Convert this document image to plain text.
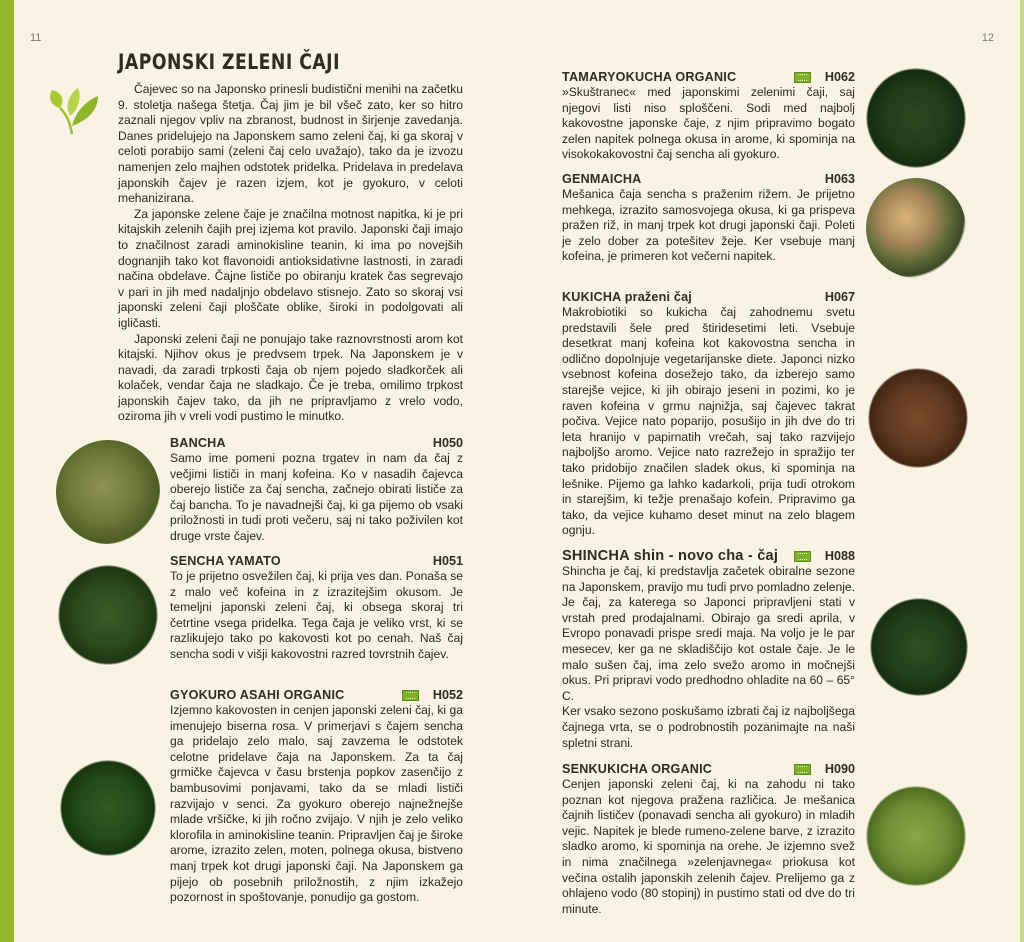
11	12
JAPONSKI ZELENI ČAJI

Čajevec so na Japonsko prinesli budistični menihi na začetku 9. stoletja našega štetja. Čaj jim je bil všeč zato, ker so hitro zaznali njegov vpliv na zbranost, budnost in širjenje zavedanja. Danes pridelujejo na Japonskem samo zeleni čaj, ki ga skoraj v celoti porabijo sami (zeleni čaj celo uvažajo), tako da je izvozu namenjen zelo majhen odstotek pridelka. Pridelava in predelava japonskih čajev je razen izjem, kot je gyokuro, v celoti mehanizirana.

Za japonske zelene čaje je značilna motnost napitka, ki je pri kitajskih zelenih čajih prej izjema kot pravilo. Japonski čaji imajo to značilnost zaradi aminokisline teanin, ki ima po novejših dognanjih tako kot flavonoidi antioksidativne lastnosti, in zaradi načina obdelave. Čajne lističe po obiranju kratek čas segrevajo v pari in jih med nadaljnjo obdelavo stisnejo. Zato so skoraj vsi japonski zeleni čaji ploščate oblike, široki in podolgovati ali igličasti.

Japonski zeleni čaji ne ponujajo take raznovrstnosti arom kot kitajski. Njihov okus je predvsem trpek. Na Japonskem je v navadi, da zaradi trpkosti čaja ob njem pojedo sladkorček ali kolaček, vendar čaja ne sladkajo. Če je treba, omilimo trpkost japonskih čajev tako, da jih ne pripravljamo z vrelo vodo, oziroma jih v vreli vodi pustimo le minutko.

BANCHA	H050

Samo ime pomeni pozna trgatev in nam da čaj z večjimi lističi in manj kofeina. Ko v nasadih čajevca oberejo lističe za čaj sencha, začnejo obirati lističe za čaj bancha. To je navadnejši čaj, ki ga pijemo ob vsaki priložnosti in tudi proti večeru, saj ni tako poživilen kot druge vrste čajev.

SENCHA YAMATO	H051

To je prijetno osvežilen čaj, ki prija ves dan. Ponaša se z malo več kofeina in z izrazitejšim okusom. Je temeljni japonski zeleni čaj, ki obsega skoraj tri četrtine vsega pridelka. Tega čaja je veliko vrst, ki se razlikujejo tako po kakovosti kot po cenah. Naš čaj sencha sodi v višji kakovostni razred tovrstnih čajev.

GYOKURO ASAHI ORGANIC	H052

Izjemno kakovosten in cenjen japonski zeleni čaj, ki ga imenujejo biserna rosa. V primerjavi s čajem sencha ga pridelajo zelo malo, saj zavzema le odstotek celotne pridelave čaja na Japonskem. Za ta čaj grmičke čajevca v času brstenja popkov zasenčijo z bambusovimi ponjavami, tako da se mladi lističi razvijajo v senci. Za gyokuro oberejo najnežnejše mlade vršičke, ki jih ročno zvijajo. V njih je zelo veliko klorofila in aminokisline teanin. Pripravljen čaj je široke arome, izrazito zelen, moten, polnega okusa, bistveno manj trpek kot drugi japonski čaji. Na Japonskem ga pijejo ob posebnih priložnostih, z njim izkažejo pozornost in spoštovanje, ponudijo ga gostom.

TAMARYOKUCHA ORGANIC	H062

»Skuštranec« med japonskimi zelenimi čaji, saj njegovi listi niso sploščeni. Sodi med najbolj kakovostne japonske čaje, z njim pripravimo bogato zelen napitek polnega okusa in arome, ki spominja na visokokakovostni čaj sencha ali gyokuro.

GENMAICHA	H063

Mešanica čaja sencha s praženim rižem. Je prijetno mehkega, izrazito samosvojega okusa, ki ga prispeva pražen riž, in manj trpek kot drugi japonski čaji. Poleti je zelo dober za potešitev žeje. Ker vsebuje manj kofeina, je primeren kot večerni napitek.

KUKICHA praženi čaj	H067

Makrobiotiki so kukicha čaj zahodnemu svetu predstavili šele pred štiridesetimi leti. Vsebuje desetkrat manj kofeina kot kakovostna sencha in odlično dopolnjuje vegetarijanske diete. Japonci nizko vsebnost kofeina dosežejo tako, da izberejo samo starejše vejice, ki jih obirajo jeseni in pozimi, ko je raven kofeina v grmu najnižja, saj čajevec takrat počiva. Vejice nato poparijo, posušijo in jih dve do tri leta hranijo v papirnatih vrečah, saj tako razvijejo najboljšo aromo. Vejice nato razrežejo in spražijo ter tako pridobijo značilen sladek okus, ki spominja na lešnike. Pijemo ga lahko kadarkoli, prija tudi otrokom in starejšim, ki težje prenašajo kofein. Pripravimo ga tako, da vejice kuhamo deset minut na zelo blagem ognju.

SHINCHA shin - novo cha - čaj	H088

Shincha je čaj, ki predstavlja začetek obiralne sezone na Japonskem, pravijo mu tudi prvo pomladno zelenje. Je čaj, za katerega so Japonci pripravljeni stati v vrstah pred prodajalnami. Obirajo ga sredi aprila, v Evropo ponavadi prispe sredi maja. Na voljo je le par mesecev, ker ga ne skladiščijo kot ostale čaje. Je le malo sušen čaj, ima zelo svežo aromo in močnejši okus. Pri pripravi vodo predhodno ohladite na 60 – 65° C.

Ker vsako sezono poskušamo izbrati čaj iz najboljšega čajnega vrta, se o podrobnostih pozanimajte na naši spletni strani.

SENKUKICHA ORGANIC	H090

Cenjen japonski zeleni čaj, ki na zahodu ni tako poznan kot njegova pražena različica. Je mešanica čajnih lističev (ponavadi sencha ali gyokuro) in mladih vejic. Napitek je blede rumeno-zelene barve, z izrazito sladko aromo, ki spominja na orehe. Je izjemno svež in nima značilnega »zelenjavnega« priokusa kot večina ostalih japonskih zelenih čajev. Prelijemo ga z ohlajeno vodo (80 stopinj) in pustimo stati od dve do tri minute.
